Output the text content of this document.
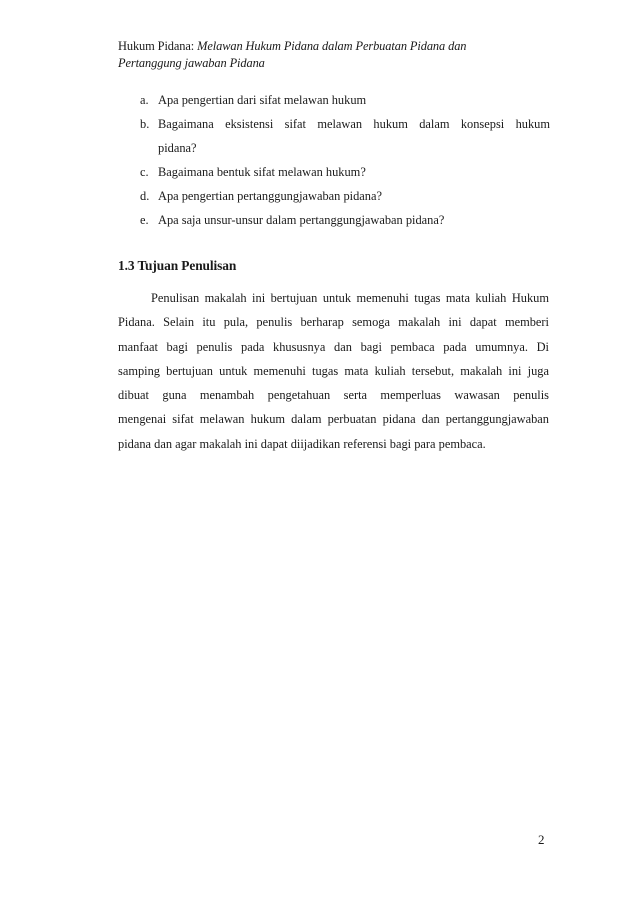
Hukum Pidana: Melawan Hukum Pidana dalam Perbuatan Pidana dan
Pertanggung jawaban Pidana
a. Apa pengertian dari sifat melawan hukum
b. Bagaimana eksistensi sifat melawan hukum dalam konsepsi hukum
pidana?
c. Bagaimana bentuk sifat melawan hukum?
d. Apa pengertian pertanggungjawaban pidana?
e. Apa saja unsur-unsur dalam pertanggungjawaban pidana?
1.3 Tujuan Penulisan

Penulisan makalah ini bertujuan untuk memenuhi tugas mata kuliah Hukum
Pidana. Selain itu pula, penulis berharap semoga makalah ini dapat memberi
manfaat bagi penulis pada khususnya dan bagi pembaca pada umumnya. Di
samping bertujuan untuk memenuhi tugas mata kuliah tersebut, makalah ini juga
dibuat guna menambah pengetahuan serta memperluas wawasan penulis
mengenai sifat melawan hukum dalam perbuatan pidana dan pertanggungjawaban
pidana dan agar makalah ini dapat diijadikan referensi bagi para pembaca.

2
